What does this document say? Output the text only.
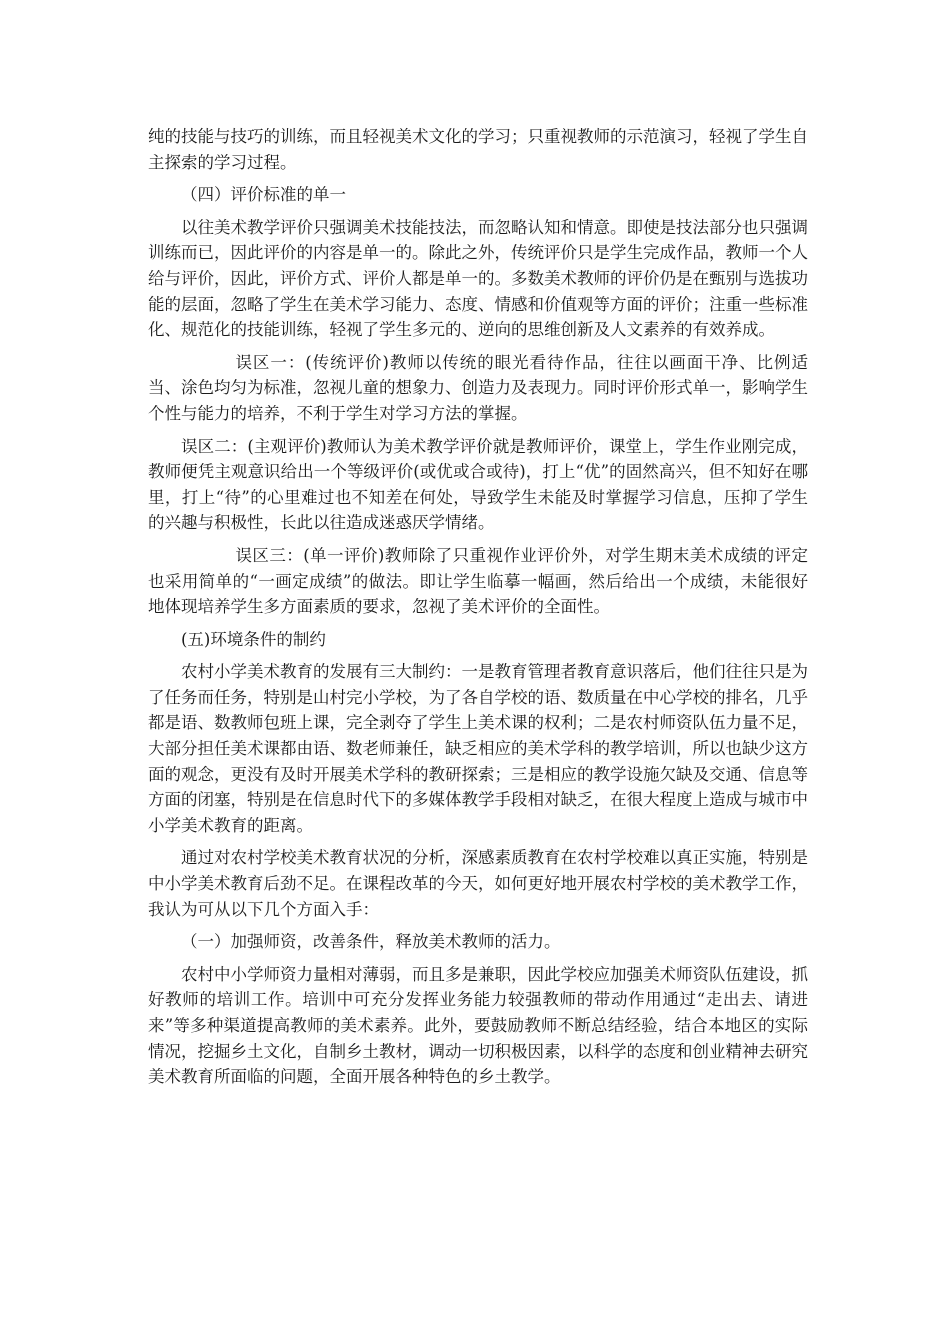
纯的技能与技巧的训练，而且轻视美术文化的学习；只重视教师的示范演习，轻视了学生自主探索的学习过程。

（四）评价标准的单一

以往美术教学评价只强调美术技能技法，而忽略认知和情意。即使是技法部分也只强调训练而已，因此评价的内容是单一的。除此之外，传统评价只是学生完成作品，教师一个人给与评价，因此，评价方式、评价人都是单一的。多数美术教师的评价仍是在甄别与选拔功能的层面，忽略了学生在美术学习能力、态度、情感和价值观等方面的评价；注重一些标准化、规范化的技能训练，轻视了学生多元的、逆向的思维创新及人文素养的有效养成。

误区一：(传统评价)教师以传统的眼光看待作品，往往以画面干净、比例适当、涂色均匀为标准，忽视儿童的想象力、创造力及表现力。同时评价形式单一，影响学生个性与能力的培养，不利于学生对学习方法的掌握。

误区二：(主观评价)教师认为美术教学评价就是教师评价，课堂上，学生作业刚完成，教师便凭主观意识给出一个等级评价(或优或合或待)，打上“优”的固然高兴，但不知好在哪里，打上“待”的心里难过也不知差在何处，导致学生未能及时掌握学习信息，压抑了学生的兴趣与积极性，长此以往造成迷惑厌学情绪。

误区三：(单一评价)教师除了只重视作业评价外，对学生期末美术成绩的评定也采用简单的“一画定成绩”的做法。即让学生临摹一幅画，然后给出一个成绩，未能很好地体现培养学生多方面素质的要求，忽视了美术评价的全面性。

(五)环境条件的制约

农村小学美术教育的发展有三大制约：一是教育管理者教育意识落后，他们往往只是为了任务而任务，特别是山村完小学校，为了各自学校的语、数质量在中心学校的排名，几乎都是语、数教师包班上课，完全剥夺了学生上美术课的权利；二是农村师资队伍力量不足，大部分担任美术课都由语、数老师兼任，缺乏相应的美术学科的教学培训，所以也缺少这方面的观念，更没有及时开展美术学科的教研探索；三是相应的教学设施欠缺及交通、信息等方面的闭塞，特别是在信息时代下的多媒体教学手段相对缺乏，在很大程度上造成与城市中小学美术教育的距离。

通过对农村学校美术教育状况的分析，深感素质教育在农村学校难以真正实施，特别是中小学美术教育后劲不足。在课程改革的今天，如何更好地开展农村学校的美术教学工作，我认为可从以下几个方面入手：

（一）加强师资，改善条件，释放美术教师的活力。

农村中小学师资力量相对薄弱，而且多是兼职，因此学校应加强美术师资队伍建设，抓好教师的培训工作。培训中可充分发挥业务能力较强教师的带动作用通过“走出去、请进来”等多种渠道提高教师的美术素养。此外，要鼓励教师不断总结经验，结合本地区的实际情况，挖掘乡土文化，自制乡土教材，调动一切积极因素，以科学的态度和创业精神去研究美术教育所面临的问题，全面开展各种特色的乡土教学。
